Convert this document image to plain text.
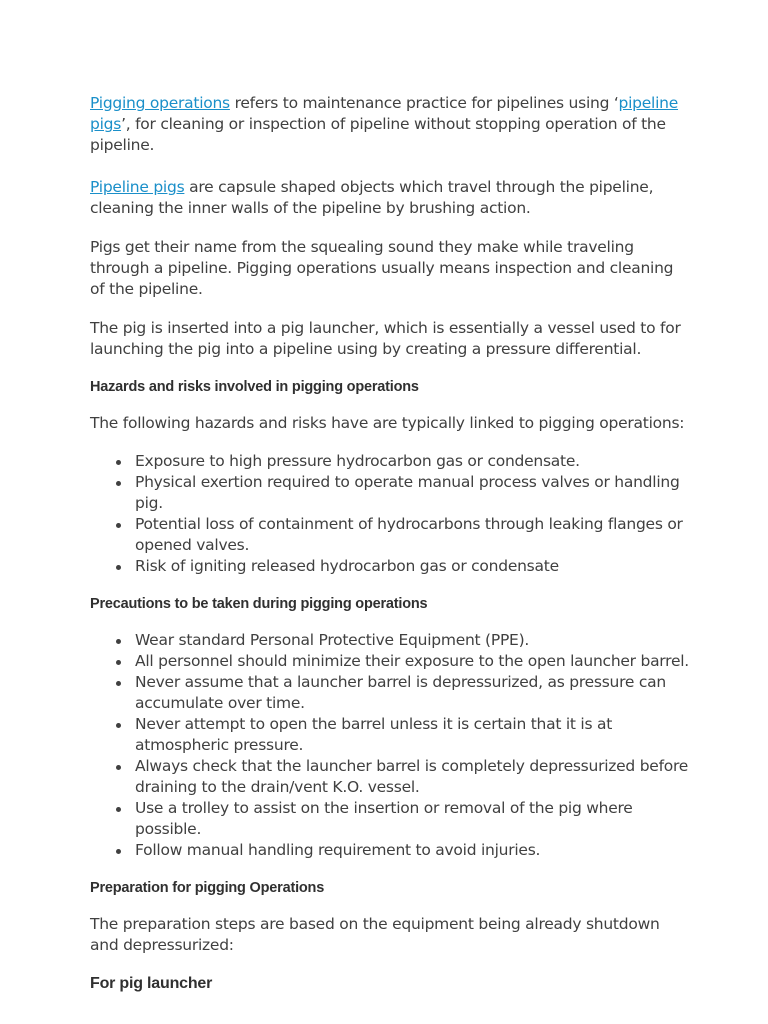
Pigging operations refers to maintenance practice for pipelines using ‘pipeline pigs’, for cleaning or inspection of pipeline without stopping operation of the pipeline.

Pipeline pigs are capsule shaped objects which travel through the pipeline, cleaning the inner walls of the pipeline by brushing action.

Pigs get their name from the squealing sound they make while traveling through a pipeline. Pigging operations usually means inspection and cleaning of the pipeline.

The pig is inserted into a pig launcher, which is essentially a vessel used to for launching the pig into a pipeline using by creating a pressure differential.

Hazards and risks involved in pigging operations

The following hazards and risks have are typically linked to pigging operations:

Exposure to high pressure hydrocarbon gas or condensate.
Physical exertion required to operate manual process valves or handling pig.
Potential loss of containment of hydrocarbons through leaking flanges or opened valves.
Risk of igniting released hydrocarbon gas or condensate
Precautions to be taken during pigging operations
Wear standard Personal Protective Equipment (PPE).
All personnel should minimize their exposure to the open launcher barrel.
Never assume that a launcher barrel is depressurized, as pressure can accumulate over time.
Never attempt to open the barrel unless it is certain that it is at atmospheric pressure.
Always check that the launcher barrel is completely depressurized before draining to the drain/vent K.O. vessel.
Use a trolley to assist on the insertion or removal of the pig where possible.
Follow manual handling requirement to avoid injuries.
Preparation for pigging Operations

The preparation steps are based on the equipment being already shutdown and depressurized:

For pig launcher
